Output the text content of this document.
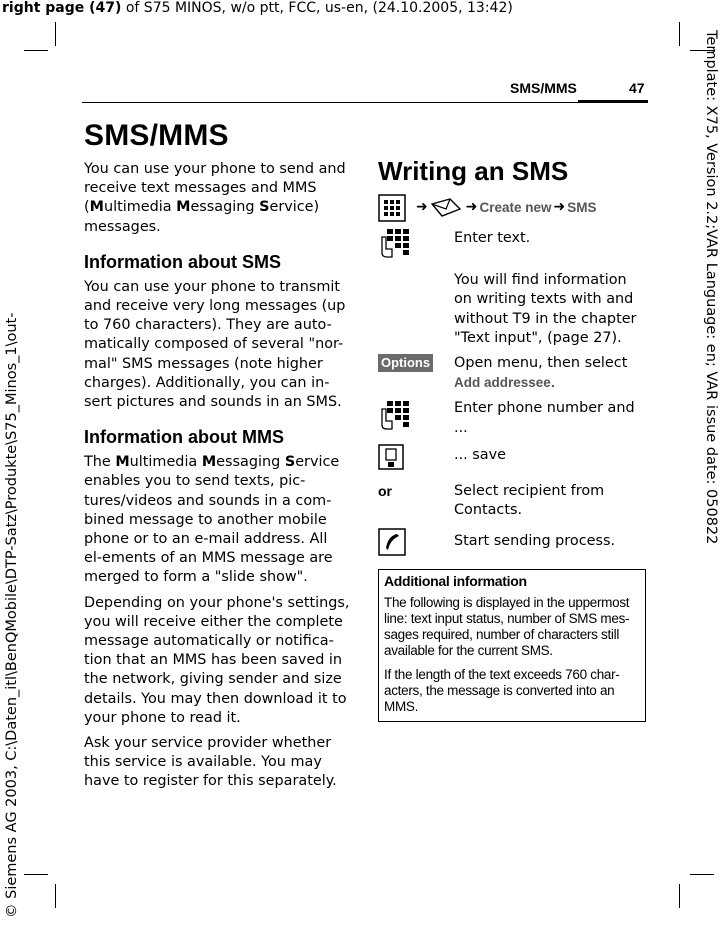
right page (47) of S75 MINOS, w/o ptt, FCC, us-en, (24.10.2005, 13:42)
Template: X75, Version 2.2;VAR Language: en; VAR issue date: 050822
© Siemens AG 2003, C:\Daten_itl\BenQMobile\DTP-Satz\Produkte\S75_Minos_1\out-
SMS/MMS	47
SMS/MMS

You can use your phone to send and receive text messages and MMS (Multimedia Messaging Service) messages.

Information about SMS

You can use your phone to transmit and receive very long messages (up to 760 characters). They are auto-matically composed of several "nor-mal" SMS messages (note higher charges). Additionally, you can in-sert pictures and sounds in an SMS.

Information about MMS

The Multimedia Messaging Service enables you to send texts, pic-tures/videos and sounds in a com-bined message to another mobile phone or to an e-mail address. All el-ements of an MMS message are merged to form a "slide show".

Depending on your phone's settings, you will receive either the complete message automatically or notifica-tion that an MMS has been saved in the network, giving sender and size details. You may then download it to your phone to read it.

Ask your service provider whether this service is available. You may have to register for this separately.

Writing an SMS
➜	➜ Create new ➜ SMS
Enter text.
You will find information on writing texts with and without T9 in the chapter "Text input", (page 27).
Options	Open menu, then select Add addressee.
Enter phone number and ...
... save
or	Select recipient from Contacts.
Start sending process.
Additional information

The following is displayed in the uppermost line: text input status, number of SMS mes-sages required, number of characters still available for the current SMS.

If the length of the text exceeds 760 char-acters, the message is converted into an MMS.
